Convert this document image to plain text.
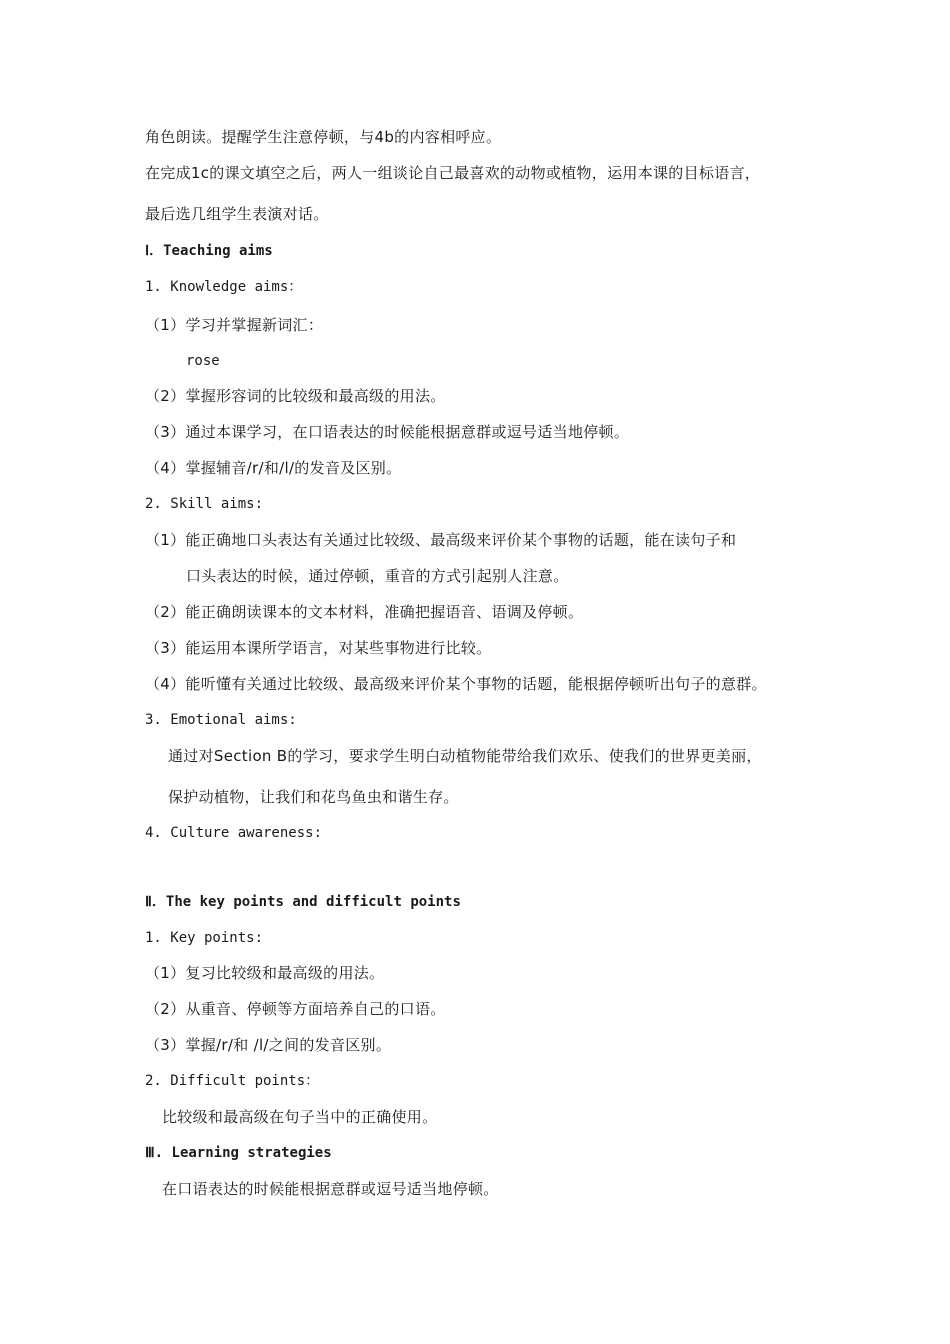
角色朗读。提醒学生注意停顿，与4b的内容相呼应。
在完成1c的课文填空之后，两人一组谈论自己最喜欢的动物或植物，运用本课的目标语言，
最后选几组学生表演对话。
Ⅰ．Teaching aims
1. Knowledge aims：
（1）学习并掌握新词汇：
rose
（2）掌握形容词的比较级和最高级的用法。
（3）通过本课学习，在口语表达的时候能根据意群或逗号适当地停顿。
（4）掌握辅音/r/和/l/的发音及区别。
2. Skill aims:
（1）能正确地口头表达有关通过比较级、最高级来评价某个事物的话题，能在读句子和
口头表达的时候，通过停顿，重音的方式引起别人注意。
（2）能正确朗读课本的文本材料，准确把握语音、语调及停顿。
（3）能运用本课所学语言，对某些事物进行比较。
（4）能听懂有关通过比较级、最高级来评价某个事物的话题，能根据停顿听出句子的意群。
3. Emotional aims:
通过对Section B的学习，要求学生明白动植物能带给我们欢乐、使我们的世界更美丽，
保护动植物，让我们和花鸟鱼虫和谐生存。
4. Culture awareness:
Ⅱ．The key points and difficult points
1. Key points:
（1）复习比较级和最高级的用法。
（2）从重音、停顿等方面培养自己的口语。
（3）掌握/r/和 /l/之间的发音区别。
2. Difficult points：
比较级和最高级在句子当中的正确使用。
Ⅲ. Learning strategies
在口语表达的时候能根据意群或逗号适当地停顿。
